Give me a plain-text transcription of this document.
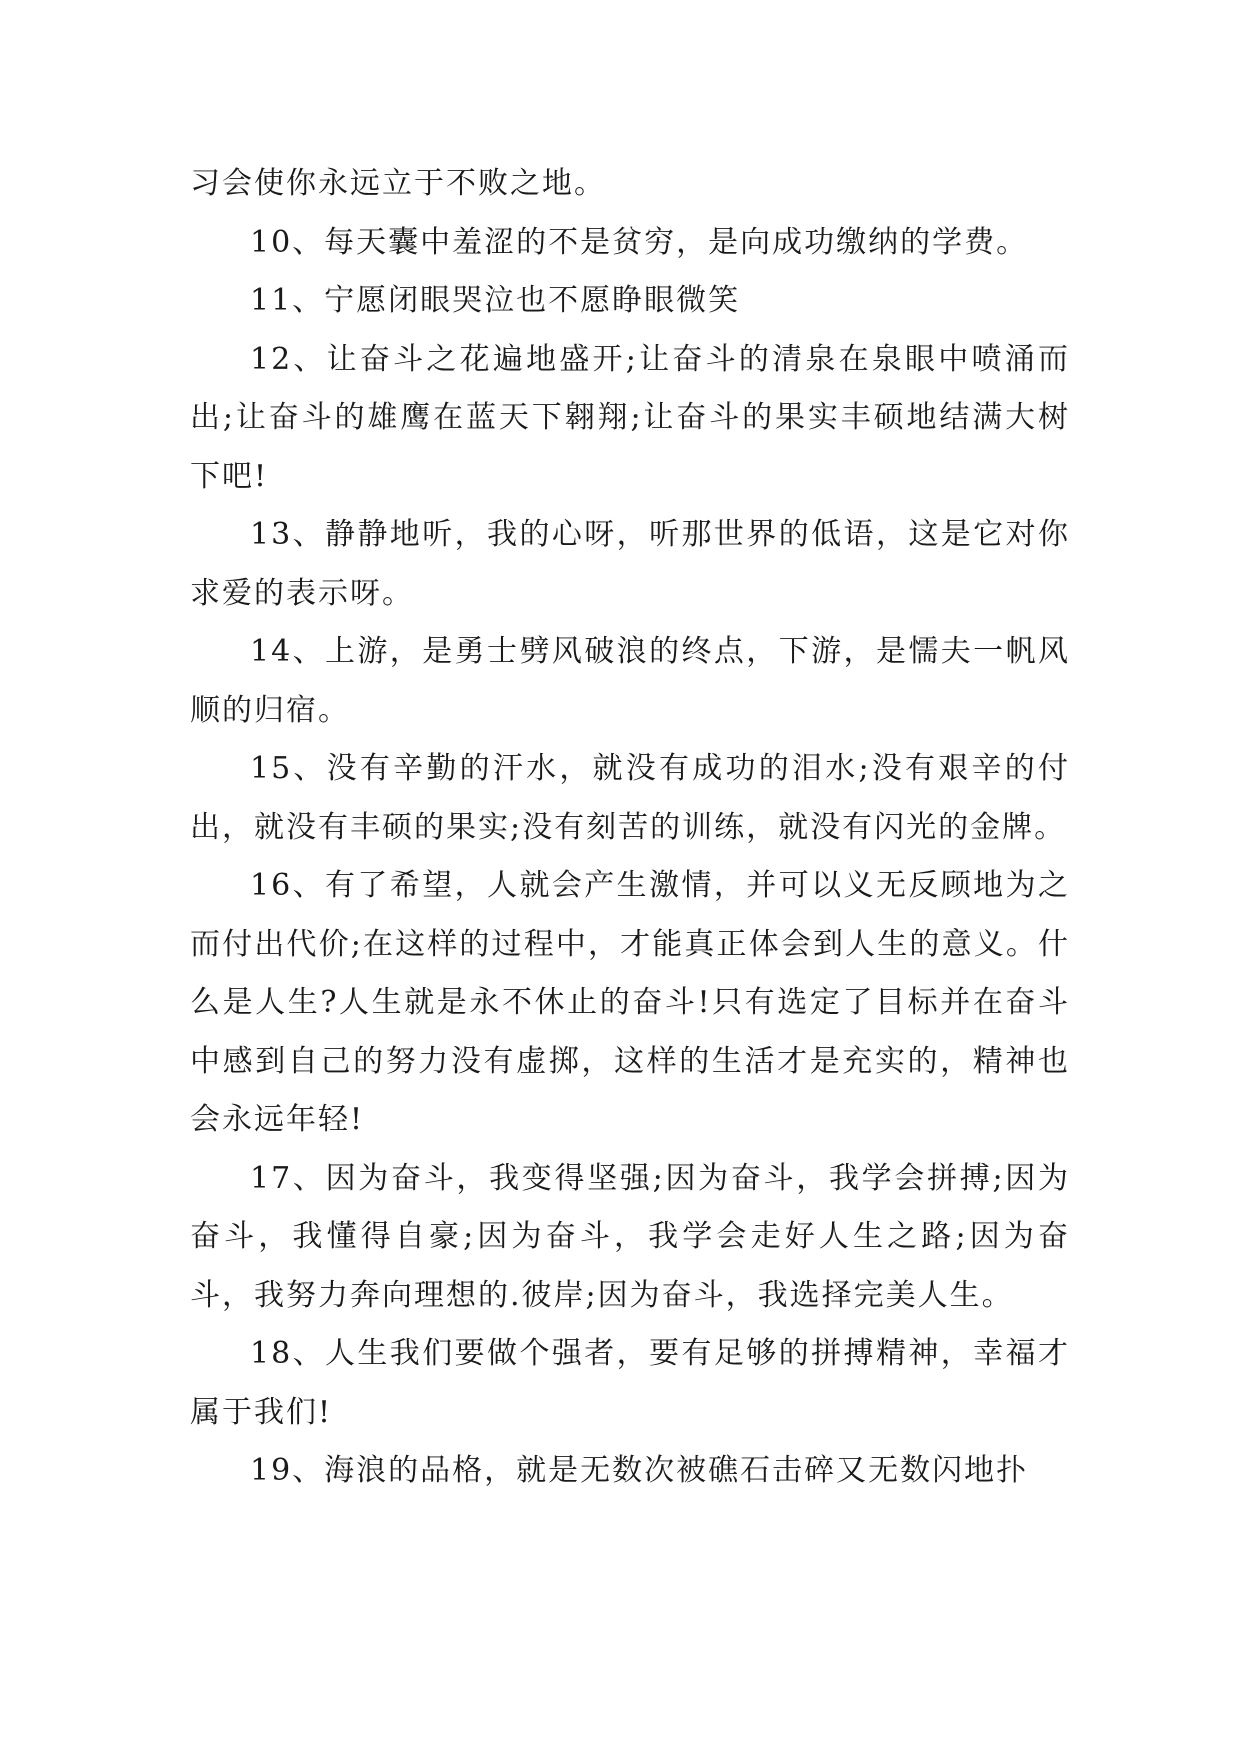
习会使你永远立于不败之地。

10、每天囊中羞涩的不是贫穷，是向成功缴纳的学费。

11、宁愿闭眼哭泣也不愿睁眼微笑

12、让奋斗之花遍地盛开;让奋斗的清泉在泉眼中喷涌而出;让奋斗的雄鹰在蓝天下翱翔;让奋斗的果实丰硕地结满大树下吧!

13、静静地听，我的心呀，听那世界的低语，这是它对你求爱的表示呀。

14、上游，是勇士劈风破浪的终点，下游，是懦夫一帆风顺的归宿。

15、没有辛勤的汗水，就没有成功的泪水;没有艰辛的付出，就没有丰硕的果实;没有刻苦的训练，就没有闪光的金牌。

16、有了希望，人就会产生激情，并可以义无反顾地为之而付出代价;在这样的过程中，才能真正体会到人生的意义。什么是人生?人生就是永不休止的奋斗!只有选定了目标并在奋斗中感到自己的努力没有虚掷，这样的生活才是充实的，精神也会永远年轻!

17、因为奋斗，我变得坚强;因为奋斗，我学会拼搏;因为奋斗，我懂得自豪;因为奋斗，我学会走好人生之路;因为奋斗，我努力奔向理想的.彼岸;因为奋斗，我选择完美人生。

18、人生我们要做个强者，要有足够的拼搏精神，幸福才属于我们!

19、海浪的品格，就是无数次被礁石击碎又无数闪地扑
